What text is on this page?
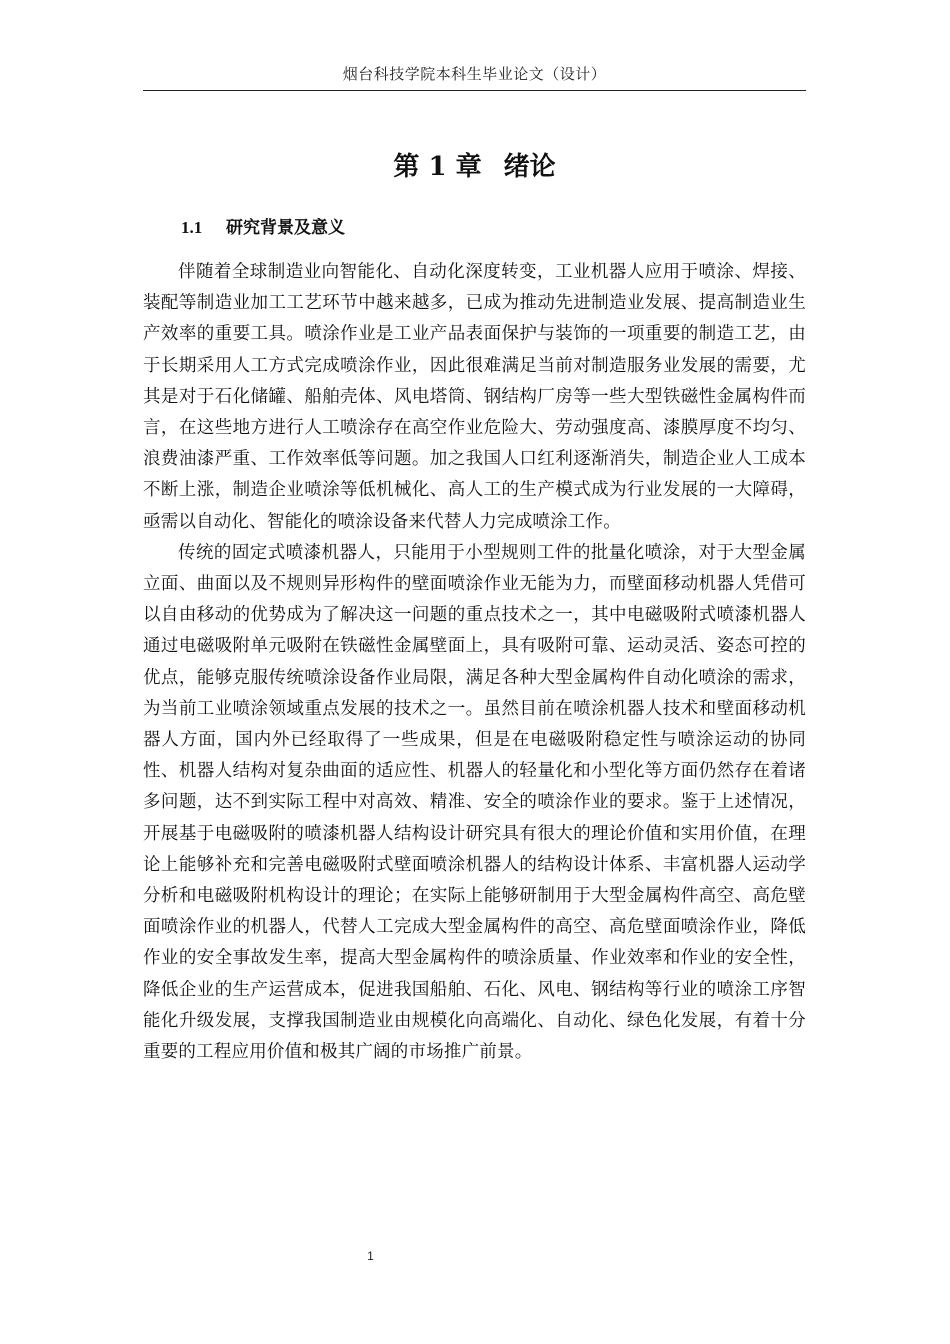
烟台科技学院本科生毕业论文（设计）
第 1 章 绪论
1.1 研究背景及意义

伴随着全球制造业向智能化、自动化深度转变，工业机器人应用于喷涂、焊接、装配等制造业加工工艺环节中越来越多，已成为推动先进制造业发展、提高制造业生产效率的重要工具。喷涂作业是工业产品表面保护与装饰的一项重要的制造工艺，由于长期采用人工方式完成喷涂作业，因此很难满足当前对制造服务业发展的需要，尤其是对于石化储罐、船舶壳体、风电塔筒、钢结构厂房等一些大型铁磁性金属构件而言，在这些地方进行人工喷涂存在高空作业危险大、劳动强度高、漆膜厚度不均匀、浪费油漆严重、工作效率低等问题。加之我国人口红利逐渐消失，制造企业人工成本不断上涨，制造企业喷涂等低机械化、高人工的生产模式成为行业发展的一大障碍，亟需以自动化、智能化的喷涂设备来代替人力完成喷涂工作。

传统的固定式喷漆机器人，只能用于小型规则工件的批量化喷涂，对于大型金属立面、曲面以及不规则异形构件的壁面喷涂作业无能为力，而壁面移动机器人凭借可以自由移动的优势成为了解决这一问题的重点技术之一，其中电磁吸附式喷漆机器人通过电磁吸附单元吸附在铁磁性金属壁面上，具有吸附可靠、运动灵活、姿态可控的优点，能够克服传统喷涂设备作业局限，满足各种大型金属构件自动化喷涂的需求，为当前工业喷涂领域重点发展的技术之一。虽然目前在喷涂机器人技术和壁面移动机器人方面，国内外已经取得了一些成果，但是在电磁吸附稳定性与喷涂运动的协同性、机器人结构对复杂曲面的适应性、机器人的轻量化和小型化等方面仍然存在着诸多问题，达不到实际工程中对高效、精准、安全的喷涂作业的要求。鉴于上述情况，开展基于电磁吸附的喷漆机器人结构设计研究具有很大的理论价值和实用价值，在理论上能够补充和完善电磁吸附式壁面喷涂机器人的结构设计体系、丰富机器人运动学分析和电磁吸附机构设计的理论；在实际上能够研制用于大型金属构件高空、高危壁面喷涂作业的机器人，代替人工完成大型金属构件的高空、高危壁面喷涂作业，降低作业的安全事故发生率，提高大型金属构件的喷涂质量、作业效率和作业的安全性，降低企业的生产运营成本，促进我国船舶、石化、风电、钢结构等行业的喷涂工序智能化升级发展，支撑我国制造业由规模化向高端化、自动化、绿色化发展，有着十分重要的工程应用价值和极其广阔的市场推广前景。

1
